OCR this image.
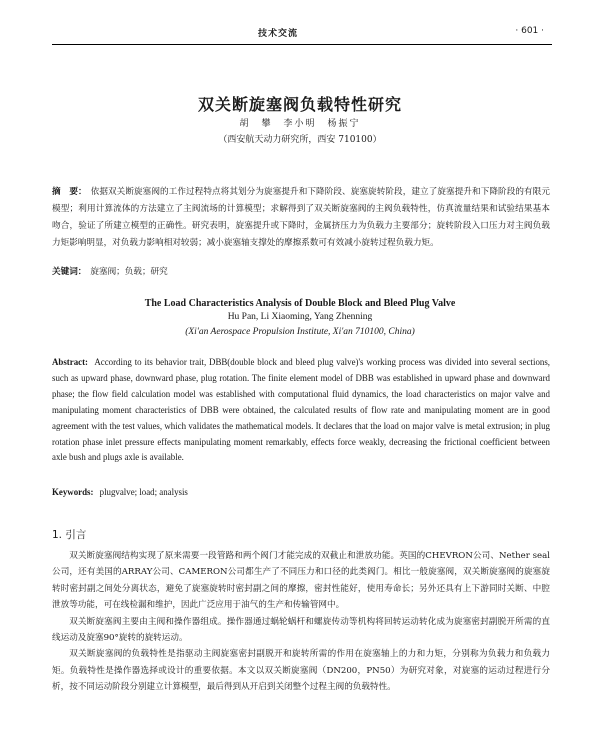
技术交流	· 601 ·
双关断旋塞阀负载特性研究
胡　攀　李小明　杨振宁
（西安航天动力研究所，西安 710100）
摘　要： 依据双关断旋塞阀的工作过程特点将其划分为旋塞提升和下降阶段、旋塞旋转阶段，建立了旋塞提升和下降阶段的有限元模型；利用计算流体的方法建立了主阀流场的计算模型；求解得到了双关断旋塞阀的主阀负载特性，仿真流量结果和试验结果基本吻合，验证了所建立模型的正确性。研究表明，旋塞提升或下降时，金属挤压力为负载力主要部分；旋转阶段入口压力对主阀负载力矩影响明显，对负载力影响相对较弱；减小旋塞轴支撑处的摩擦系数可有效减小旋转过程负载力矩。
关键词： 旋塞阀；负载；研究
The Load Characteristics Analysis of Double Block and Bleed Plug Valve
Hu Pan, Li Xiaoming, Yang Zhenning
(Xi'an Aerospace Propulsion Institute, Xi'an 710100, China)
Abstract: According to its behavior trait, DBB(double block and bleed plug valve)'s working process was divided into several sections, such as upward phase, downward phase, plug rotation. The finite element model of DBB was established in upward phase and downward phase; the flow field calculation model was established with computational fluid dynamics, the load characteristics on major valve and manipulating moment characteristics of DBB were obtained, the calculated results of flow rate and manipulating moment are in good agreement with the test values, which validates the mathematical models. It declares that the load on major valve is metal extrusion; in plug rotation phase inlet pressure effects manipulating moment remarkably, effects force weakly, decreasing the frictional coefficient between axle bush and plugs axle is available.
Keywords: plugvalve; load; analysis
1. 引言

双关断旋塞阀结构实现了原来需要一段管路和两个阀门才能完成的双截止和泄放功能。英国的CHEVRON公司、Nether seal公司，还有美国的ARRAY公司、CAMERON公司都生产了不同压力和口径的此类阀门。相比一般旋塞阀，双关断旋塞阀的旋塞旋转时密封副之间处分离状态，避免了旋塞旋转时密封副之间的摩擦，密封性能好，使用寿命长；另外还具有上下游同时关断、中腔泄放等功能，可在线检漏和维护，因此广泛应用于油气的生产和传输管网中。

双关断旋塞阀主要由主阀和操作器组成。操作器通过蜗轮蜗杆和螺旋传动等机构将回转运动转化成为旋塞密封副脱开所需的直线运动及旋塞90°旋转的旋转运动。

双关断旋塞阀的负载特性是指驱动主阀旋塞密封副脱开和旋转所需的作用在旋塞轴上的力和力矩，分别称为负载力和负载力矩。负载特性是操作器选择或设计的重要依据。本文以双关断旋塞阀（DN200，PN50）为研究对象，对旋塞的运动过程进行分析，按不同运动阶段分别建立计算模型，最后得到从开启到关闭整个过程主阀的负载特性。
